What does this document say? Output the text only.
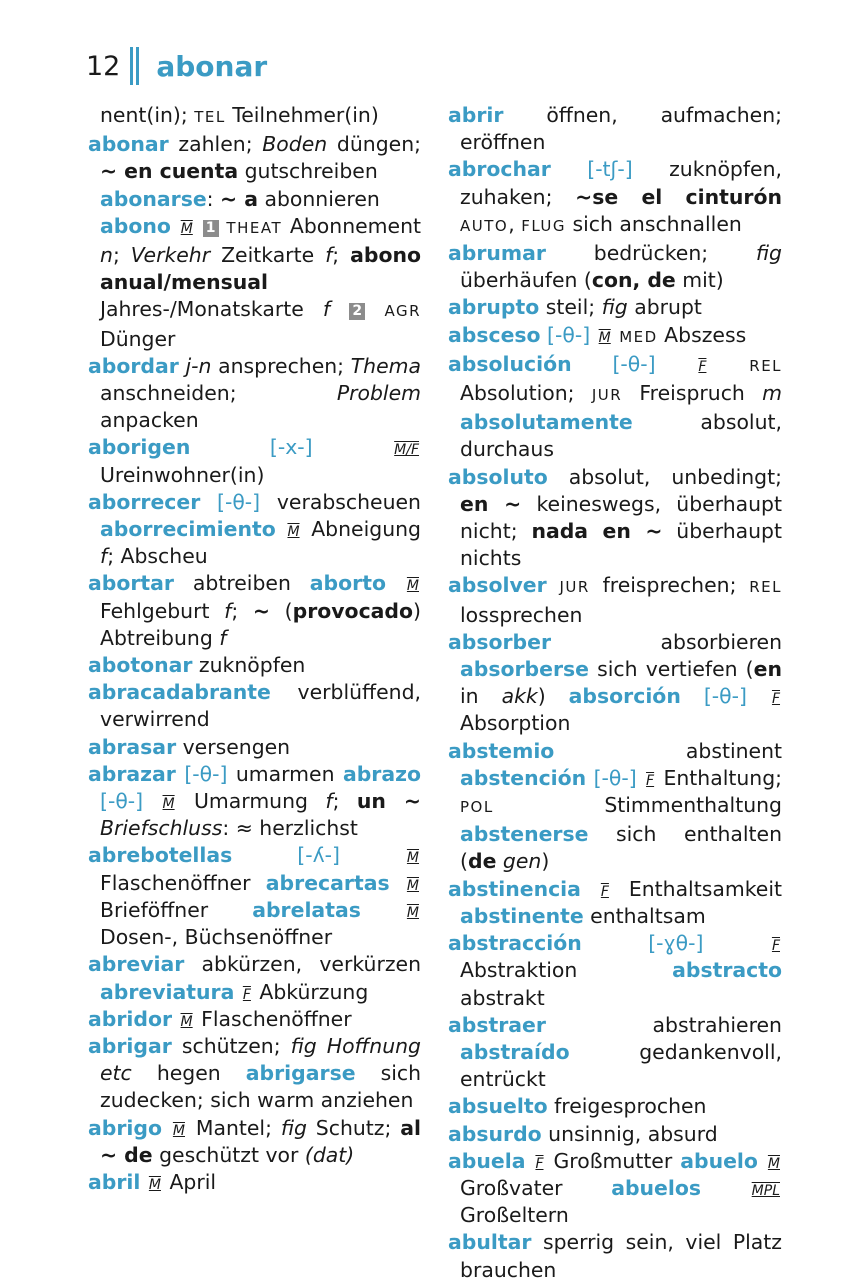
12 abonar

nent(in); TEL Teilnehmer(in)

abonar zahlen; Boden düngen; ~ en cuenta gutschreiben

abonarse: ~ a abonnieren

abono M 1 THEAT Abonnement n; Verkehr Zeitkarte f; abono anual/mensual Jahres-/Monatskarte f 2 AGR Dünger

abordar j-n ansprechen; Thema anschneiden; Problem anpacken

aborigen	[-x-]	M/F Ureinwohner(in)

aborrecer [-θ-] verabscheuen aborrecimiento M Abneigung f; Abscheu

abortar abtreiben aborto M Fehlgeburt f; ~ (provocado) Abtreibung f

abotonar zuknöpfen

abracadabrante verblüffend, verwirrend

abrasar versengen

abrazar [-θ-] umarmen abrazo [-θ-] M Umarmung f; un ~ Briefschluss: ≈ herzlichst

abrebotellas	[-ʎ-]	M Flaschenöffner abrecartas M Brieföffner abrelatas	M Dosen-, Büchsenöffner

abreviar abkürzen, verkürzen abreviatura F Abkürzung

abridor M Flaschenöffner

abrigar schützen; fig Hoffnung etc hegen abrigarse sich zudecken; sich warm anziehen

abrigo M Mantel; fig Schutz; al ~ de geschützt vor (dat)

abril M April

abrir öffnen, aufmachen; eröffnen

abrochar [-tʃ-] zuknöpfen, zuhaken; ~se el cinturón AUTO, FLUG sich anschnallen

abrumar bedrücken; fig überhäufen (con, de mit)

abrupto steil; fig abrupt

absceso [-θ-] M MED Abszess

absolución [-θ-]	F	REL Absolution; JUR Freispruch m absolutamente absolut, durchaus

absoluto absolut, unbedingt; en ~ keineswegs, überhaupt nicht; nada en ~ überhaupt nichts

absolver JUR freisprechen; REL lossprechen

absorber absorbieren absorberse sich vertiefen (en in akk) absorción [-θ-] F Absorption

abstemio abstinent abstención [-θ-] F Enthaltung; POL Stimmenthaltung abstenerse sich enthalten (de gen)

abstinencia F Enthaltsamkeit abstinente enthaltsam

abstracción	[-ɣθ-]	F Abstraktion abstracto abstrakt

abstraer abstrahieren abstraído gedankenvoll, entrückt

absuelto freigesprochen

absurdo unsinnig, absurd

abuela F Großmutter abuelo M Großvater abuelos	MPL Großeltern

abultar sperrig sein, viel Platz brauchen
